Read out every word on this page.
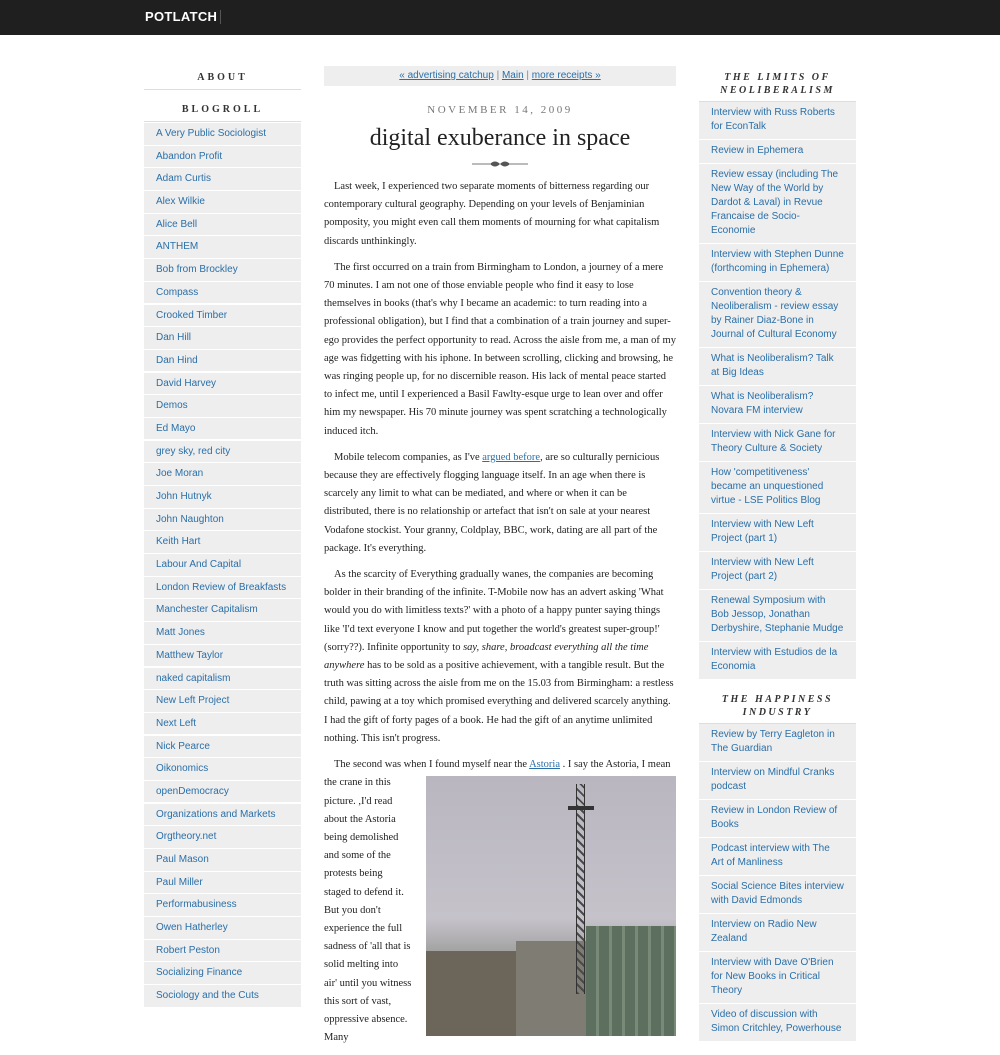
POTLATCH
ABOUT
BLOGROLL
A Very Public Sociologist
Abandon Profit
Adam Curtis
Alex Wilkie
Alice Bell
ANTHEM
Bob from Brockley
Compass
Crooked Timber
Dan Hill
Dan Hind
David Harvey
Demos
Ed Mayo
grey sky, red city
Joe Moran
John Hutnyk
John Naughton
Keith Hart
Labour And Capital
London Review of Breakfasts
Manchester Capitalism
Matt Jones
Matthew Taylor
naked capitalism
New Left Project
Next Left
Nick Pearce
Oikonomics
openDemocracy
Organizations and Markets
Orgtheory.net
Paul Mason
Paul Miller
Performabusiness
Owen Hatherley
Robert Peston
Socializing Finance
Sociology and the Cuts
« advertising catchup | Main | more receipts »
NOVEMBER 14, 2009
digital exuberance in space

Last week, I experienced two separate moments of bitterness regarding our contemporary cultural geography. Depending on your levels of Benjaminian pomposity, you might even call them moments of mourning for what capitalism discards unthinkingly.

The first occurred on a train from Birmingham to London, a journey of a mere 70 minutes. I am not one of those enviable people who find it easy to lose themselves in books (that's why I became an academic: to turn reading into a professional obligation), but I find that a combination of a train journey and super-ego provides the perfect opportunity to read. Across the aisle from me, a man of my age was fidgetting with his iphone. In between scrolling, clicking and browsing, he was ringing people up, for no discernible reason. His lack of mental peace started to infect me, until I experienced a Basil Fawlty-esque urge to lean over and offer him my newspaper. His 70 minute journey was spent scratching a technologically induced itch.

Mobile telecom companies, as I've argued before, are so culturally pernicious because they are effectively flogging language itself. In an age when there is scarcely any limit to what can be mediated, and where or when it can be distributed, there is no relationship or artefact that isn't on sale at your nearest Vodafone stockist. Your granny, Coldplay, BBC, work, dating are all part of the package. It's everything.

As the scarcity of Everything gradually wanes, the companies are becoming bolder in their branding of the infinite. T-Mobile now has an advert asking 'What would you do with limitless texts?' with a photo of a happy punter saying things like 'I'd text everyone I know and put together the world's greatest super-group!' (sorry??). Infinite opportunity to say, share, broadcast everything all the time anywhere has to be sold as a positive achievement, with a tangible result. But the truth was sitting across the aisle from me on the 15.03 from Birmingham: a restless child, pawing at a toy which promised everything and delivered scarcely anything. I had the gift of forty pages of a book. He had the gift of an anytime unlimited nothing. This isn't progress.

The second was when I found myself near the Astoria . I say the Astoria, I mean the crane in this picture. ,I'd read about the Astoria being demolished and some of the protests being staged to defend it. But you don't experience the full sadness of 'all that is solid melting into air' until you witness this sort of vast, oppressive absence. Many

THE LIMITS OF NEOLIBERALISM
Interview with Russ Roberts for EconTalk
Review in Ephemera
Review essay (including The New Way of the World by Dardot & Laval) in Revue Francaise de Socio-Economie
Interview with Stephen Dunne (forthcoming in Ephemera)
Convention theory & Neoliberalism - review essay by Rainer Diaz-Bone in Journal of Cultural Economy
What is Neoliberalism? Talk at Big Ideas
What is Neoliberalism? Novara FM interview
Interview with Nick Gane for Theory Culture & Society
How 'competitiveness' became an unquestioned virtue - LSE Politics Blog
Interview with New Left Project (part 1)
Interview with New Left Project (part 2)
Renewal Symposium with Bob Jessop, Jonathan Derbyshire, Stephanie Mudge
Interview with Estudios de la Economia
THE HAPPINESS INDUSTRY
Review by Terry Eagleton in The Guardian
Interview on Mindful Cranks podcast
Review in London Review of Books
Podcast interview with The Art of Manliness
Social Science Bites interview with David Edmonds
Interview on Radio New Zealand
Interview with Dave O'Brien for New Books in Critical Theory
Video of discussion with Simon Critchley, Powerhouse
